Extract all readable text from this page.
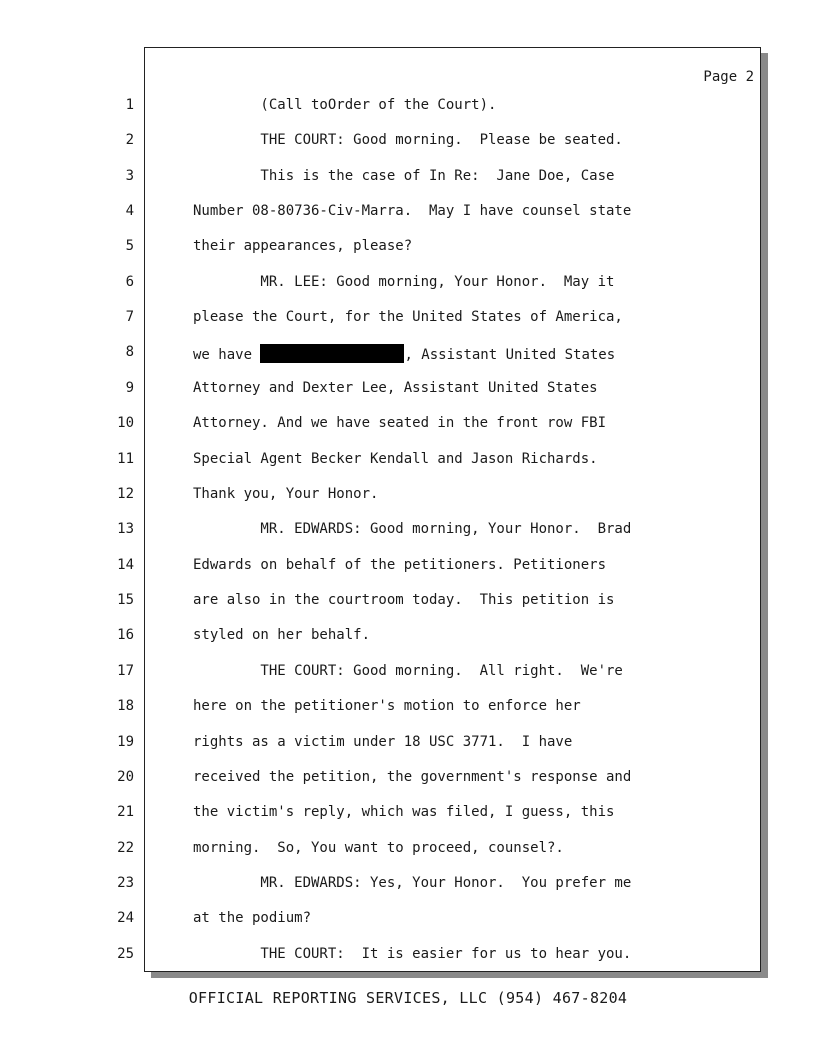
Page 2
1
2
3
4
5
6
7
8
9
10
11
12
13
14
15
16
17
18
19
20
21
22
23
24
25
(Call toOrder of the Court).
THE COURT: Good morning.  Please be seated.
This is the case of In Re:  Jane Doe, Case
Number 08-80736-Civ-Marra.  May I have counsel state
their appearances, please?
MR. LEE: Good morning, Your Honor.  May it
please the Court, for the United States of America,
we have	, Assistant United States
Attorney and Dexter Lee, Assistant United States
Attorney. And we have seated in the front row FBI
Special Agent Becker Kendall and Jason Richards.
Thank you, Your Honor.
MR. EDWARDS: Good morning, Your Honor.  Brad
Edwards on behalf of the petitioners. Petitioners
are also in the courtroom today.  This petition is
styled on her behalf.
THE COURT: Good morning.  All right.  We're
here on the petitioner's motion to enforce her
rights as a victim under 18 USC 3771.  I have
received the petition, the government's response and
the victim's reply, which was filed, I guess, this
morning.  So, You want to proceed, counsel?.
MR. EDWARDS: Yes, Your Honor.  You prefer me
at the podium?
THE COURT:  It is easier for us to hear you.
OFFICIAL REPORTING SERVICES, LLC (954) 467-8204
